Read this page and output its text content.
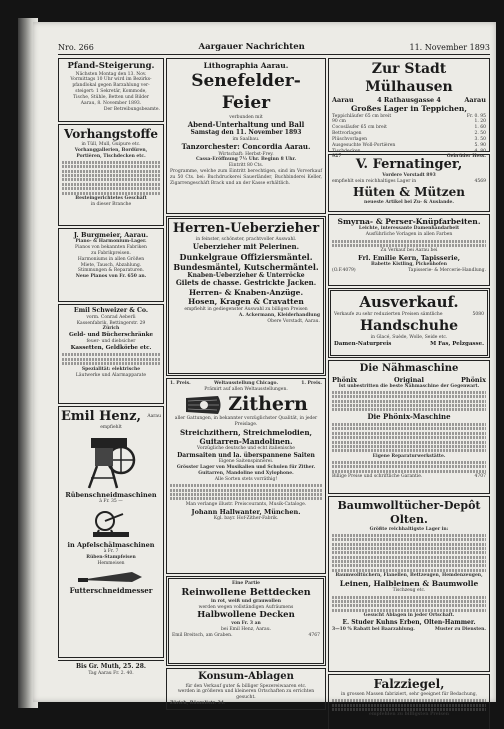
Nro. 266	Aargauer Nachrichten	11. November 1893
Pfand-Steigerung.
Nächsten Montag den 13. Nov.
Vormittags 10 Uhr wird im Bezirks-
pfandlokal gegen Barzahlung ver-
steigert: 1 Sekretär, Kommode,
Tische, Stühle, Betten und Bilder
Aarau, 8. November 1893.
Der Betreibungsbeamte.
Vorhangstoffe
in Tüll, Mull, Guipure etc.
Vorhanggallerien, Bordüren,
Portièren, Tischdecken etc.
Besteingerichtetes Geschäft
in dieser Branche
J. Burgmeier, Aarau.
Piano- & Harmonium-Lager.
Pianos von bekannten Fabriken
zu Fabrikpreisen.
Harmoniums in allen Größen
Miete, Tausch, Abzahlung.
Stimmungen & Reparaturen.
Neue Pianos von Fr. 650 an.
Emil Schweizer & Co.
vorm. Conrad Aeberli
Kassenfabrik, Bettingerstr. 29
Zürich
Geld- und Bücherschränke
feuer- und diebsicher
Kassetten, Geldkörbe etc.
Spezialität: elektrische
Läutwerke und Alarmapparate
Emil Henz, Aarau
empfiehlt
Rübenschneidmaschinen
à Fr. 35 —
in Apfelschälmaschinen
à Fr. 7
Rüben-Stampfeisen
Hemmeisen
Futterschneidmesser
Bis Gr. Muth, 25. 28.
Tag Aarau Fr. 2. 40.
Lithographia Aarau.
Senefelder-Feier
verbunden mit
Abend-Unterhaltung und Ball
Samstag den 11. November 1893
im Saalbau.
Tanzorchester: Concordia Aarau.
Wirtschaft: Herbst-Frey.
Cassa-Eröffnung 7½ Uhr. Beginn 8 Uhr.
Eintritt 80 Cts.
Programme, welche zum Eintritt berechtigen, sind im Vorverkauf zu 50 Cts. bei: Buchdruckerei Sauerländer, Buchbinderei Keller, Zigarrengeschäft Brack und an der Kasse erhältlich.
Herren-Ueberzieher
in feinster, schönster, prachtvoller Auswahl.
Ueberzieher mit Pelerinen.
Dunkelgraue Offiziersmäntel.
Bundesmäntel, Kutschermäntel.
Knaben-Ueberzieher & Unterröcke
Gilets de chasse. Gestrickte Jacken.
Herren- & Knaben-Anzüge.
Hosen, Kragen & Cravatten
empfiehlt in gediegenster Auswahl zu billigen Preisen
A. Ackermann, Kleiderhandlung
Obere Vorstadt, Aarau.
1. Preis.	Weltausstellung Chicago.	1. Preis.
Prämirt auf allen Weltausstellungen.
Zithern
aller Gattungen, in bekannter vorzüglichster Qualität, in jeder Preislage.
Streichzithern, Streichmelodien,
Guitarren-Mandolinen.
Vorzügliche deutsche und echt italienische
Darmsaiten und la. überspannene Saiten
Eigene Saitenspinnerei.
Grösster Lager von Musikalien und Schulen für Zither.
Guitarren, Mandoline und Xylophone.
Alle Sorten stets vorräthig!
Man verlange illustr. Preiscourants, Musik-Cataloge.
Johann Hallwanter, München.
Kgl. bayr. Hof-Zither-Fabrik.
Eine Partie
Reinwollene Bettdecken
in rot, weiß und grauwollen
werden wegen vollständigen Aufräumens
Halbwollene Decken
von Fr. 3 an
bei Emil Henz, Aarau.
Emil Breitsch, am Graben.	4767
Konsum-Ablagen
für den Verkauf guter & billiger Spezereiwaaren etc.
werden in größeren und kleineren Ortschaften zu errichten gesucht.
Zürich, Bäumlistr. 34.
Zur Stadt Mülhausen
Aarau	4 Rathausgasse 4	Aarau
Großes Lager in Teppichen,
Teppichläufer 65 cm breit	Fr. 0. 95
90 cm	1. 20
Cocosläufer 65 cm breit	1. 60
Bettvorlagen	2. 50
Plüschvorlagen	3. 50
Ausgesuchte Woll-Portièren	5. 90
Tischdecken	4. 80
927	Gebrüder Hess.
V. Fernatinger,
Vordere Vorstadt 893
empfiehlt sein reichhaltiges Lager in	4569
Hüten & Mützen
neueste Artikel bei Zu- & Auslande.
Smyrna- & Perser-Knüpfarbeiten.
Leichte, interessante Damenhandarbeit
Ausführliche Vorlagen in allen Farben
Zu Verkauf bei Aarau bei
Frl. Emilie Kern, Tapisserie,
Babette Kistling, Pickenhofen
(O.F.4079)	Tapisserie- & Mercerie-Handlung.
Ausverkauf.
Verkaufe zu sehr reduzierten Preisen sämtliche	5080
Handschuhe
in Glacé, Suède, Wolle, Seide etc.
Damen-Naturpreis	M Fas, Pelzgasse.
Die Nähmaschine
Phönix	Original	Phönix
Ist unbestritten die beste Nähmaschine der Gegenwart.
Die Phönix-Maschine
Eigene Reparaturwerkstätte.
Billige Preise und schriftliche Garantie.	4707
Baumwolltücher-Depôt Olten.
Größte reichhaltigste Lager in:
Baumwolltüchern, Flanellen, Bettzeugen, Hemdenzeugen,
Leinen, Halbleinen & Baumwolle
Tischzeug etc.
Gesucht Ablagen in jeder Ortschaft.
E. Studer Kuhns Erben, Olten-Hammer.
3—10 % Rabatt bei Baarzahlung.	Muster zu Diensten.
Falzziegel,
in grossen Massen fabriziert, sehr geeignet für Bedachung,
empfehlen zu billigsten Preisen
